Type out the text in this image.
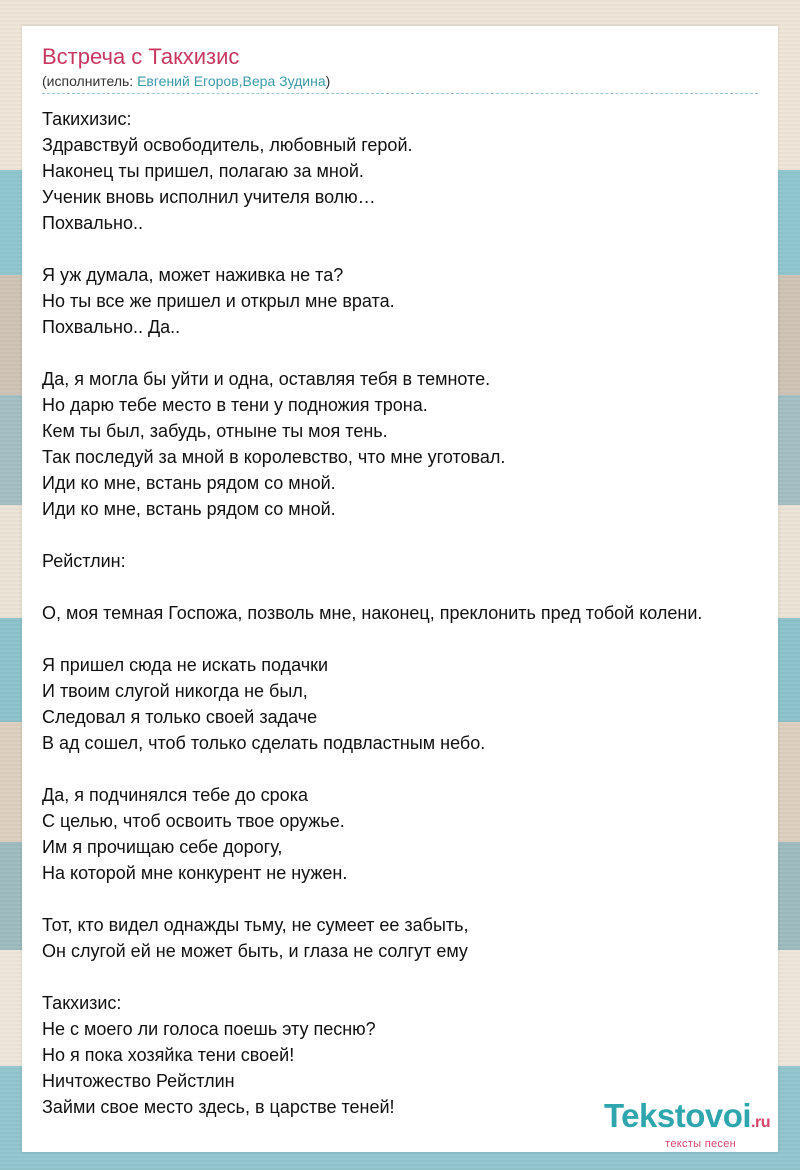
Встреча с Такхизис
(исполнитель: Евгений Егоров,Вера Зудина)
Такихизис:
Здравствуй освободитель, любовный герой.
Наконец ты пришел, полагаю за мной.
Ученик вновь исполнил учителя волю…
Похвально..
Я уж думала, может наживка не та?
Но ты все же пришел и открыл мне врата.
Похвально.. Да..
Да, я могла бы уйти и одна, оставляя тебя в темноте.
Но дарю тебе место в тени у подножия трона.
Кем ты был, забудь, отныне ты моя тень.
Так последуй за мной в королевство, что мне уготовал.
Иди ко мне, встань рядом со мной.
Иди ко мне, встань рядом со мной.
Рейстлин:
О, моя темная Госпожа, позволь мне, наконец, преклонить пред тобой колени.
Я пришел сюда не искать подачки
И твоим слугой никогда не был,
Следовал я только своей задаче
В ад сошел, чтоб только сделать подвластным небо.
Да, я подчинялся тебе до срока
С целью, чтоб освоить твое оружье.
Им я прочищаю себе дорогу,
На которой мне конкурент не нужен.
Тот, кто видел однажды тьму, не сумеет ее забыть,
Он слугой ей не может быть, и глаза не солгут ему
Такхизис:
Не с моего ли голоса поешь эту песню?
Но я пока хозяйка тени своей!
Ничтожество Рейстлин
Займи свое место здесь, в царстве теней!	Tekstovoi.ru
тексты песен
